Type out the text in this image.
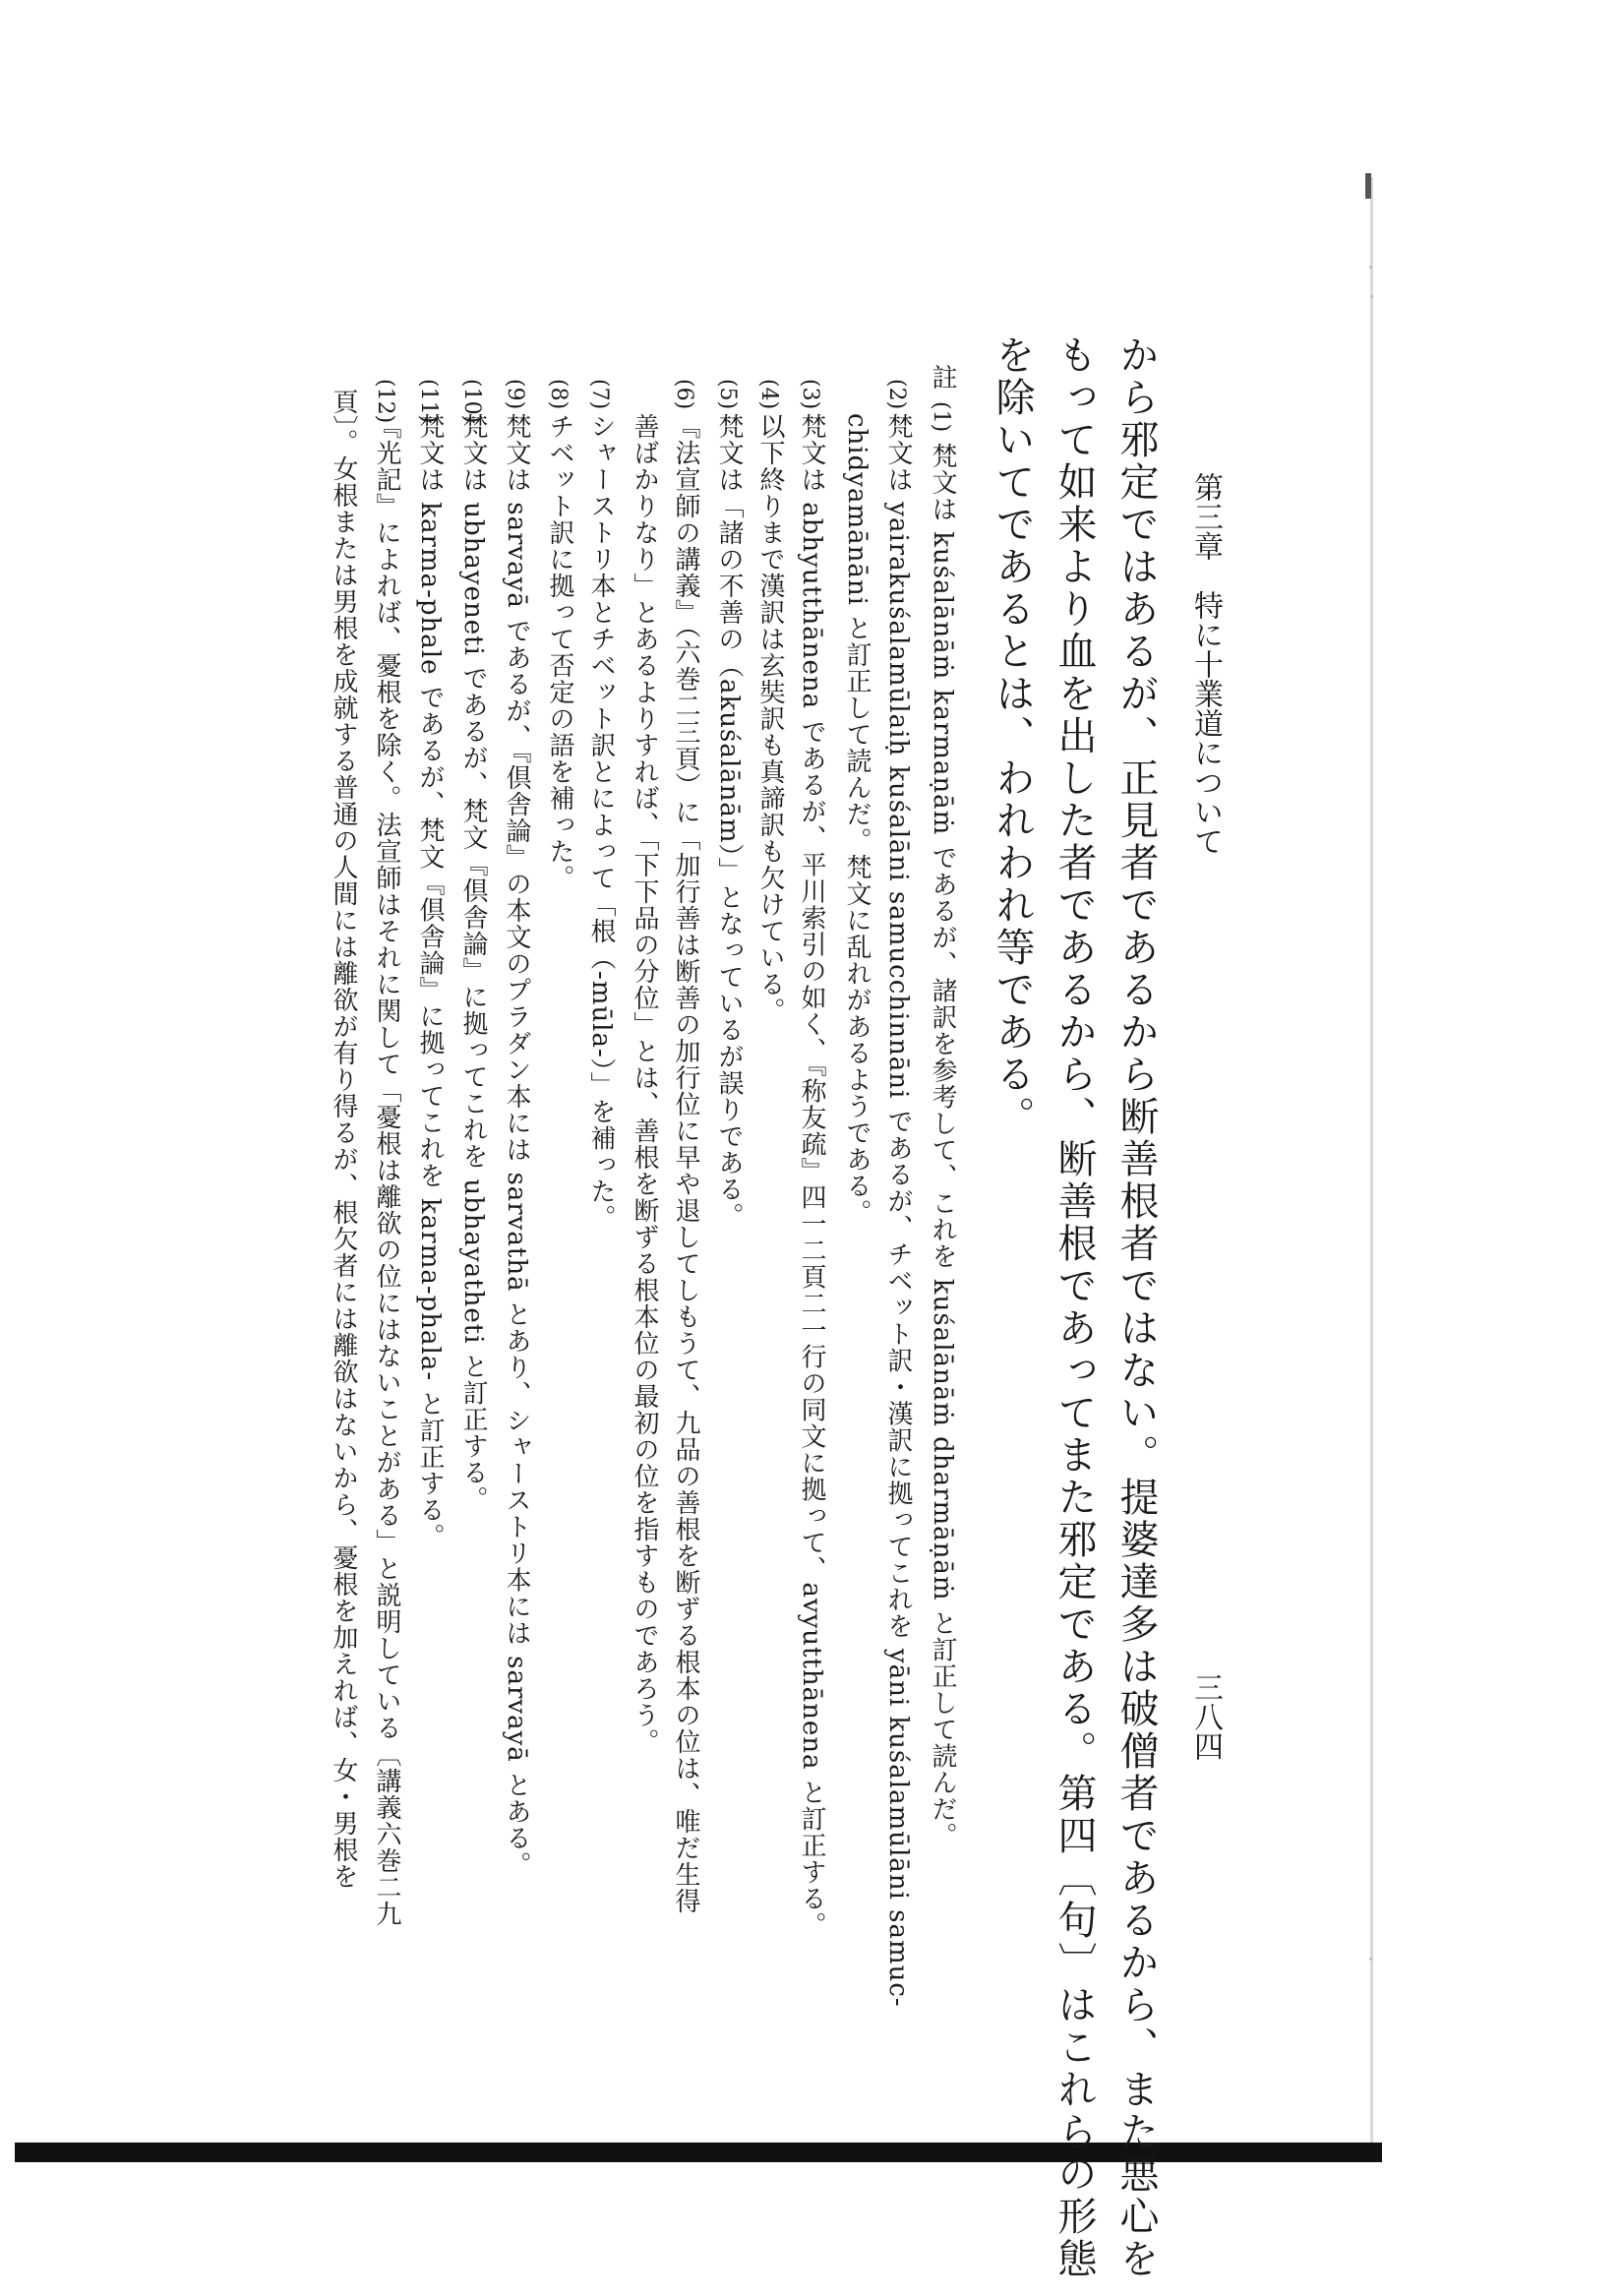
第三章　特に十業道について
三八四
から邪定ではあるが、正見者であるから断善根者ではない。提婆達多は破僧者であるから、また悪心を
もって如来より血を出した者であるから、断善根であってまた邪定である。第四〔句〕はこれらの形態
を除いてであるとは、われわれ等である。
註
(1)
梵文は kuśalānāṁ karmaṇāṁ であるが、諸訳を参考して、これを kuśalānāṁ dharmāṇāṁ と訂正して読んだ。
(2)
梵文は yairakuśalamūlaiḥ kuśalāni samucchinnāni であるが、チベット訳・漢訳に拠ってこれを yāni kuśalamūlāni samuc-
chidyamānāni と訂正して読んだ。梵文に乱れがあるようである。
(3)
梵文は abhyutthānena であるが、平川索引の如く、『称友疏』四一二頁二一行の同文に拠って、avyutthānena と訂正する。
(4)
以下終りまで漢訳は玄奘訳も真諦訳も欠けている。
(5)
梵文は「諸の不善の（akuśalānām）」となっているが誤りである。
(6)
『法宣師の講義』（六巻二三頁）に「加行善は断善の加行位に早や退してしもうて、九品の善根を断ずる根本の位は、唯だ生得
善ばかりなり」とあるよりすれば、「下下品の分位」とは、善根を断ずる根本位の最初の位を指すものであろう。
(7)
シャーストリ本とチベット訳とによって「根（-mūla-）」を補った。
(8)
チベット訳に拠って否定の語を補った。
(9)
梵文は sarvayā であるが、『倶舎論』の本文のプラダン本には sarvathā とあり、シャーストリ本には sarvayā とある。
(10)
梵文は ubhayeneti であるが、梵文『倶舎論』に拠ってこれを ubhayatheti と訂正する。
(11)
梵文は karma-phale であるが、梵文『倶舎論』に拠ってこれを karma-phala- と訂正する。
(12)
『光記』によれば、憂根を除く。法宣師はそれに関して「憂根は離欲の位にはないことがある」と説明している〔講義六巻二九
頁〕。女根または男根を成就する普通の人間には離欲が有り得るが、根欠者には離欲はないから、憂根を加えれば、女・男根を
